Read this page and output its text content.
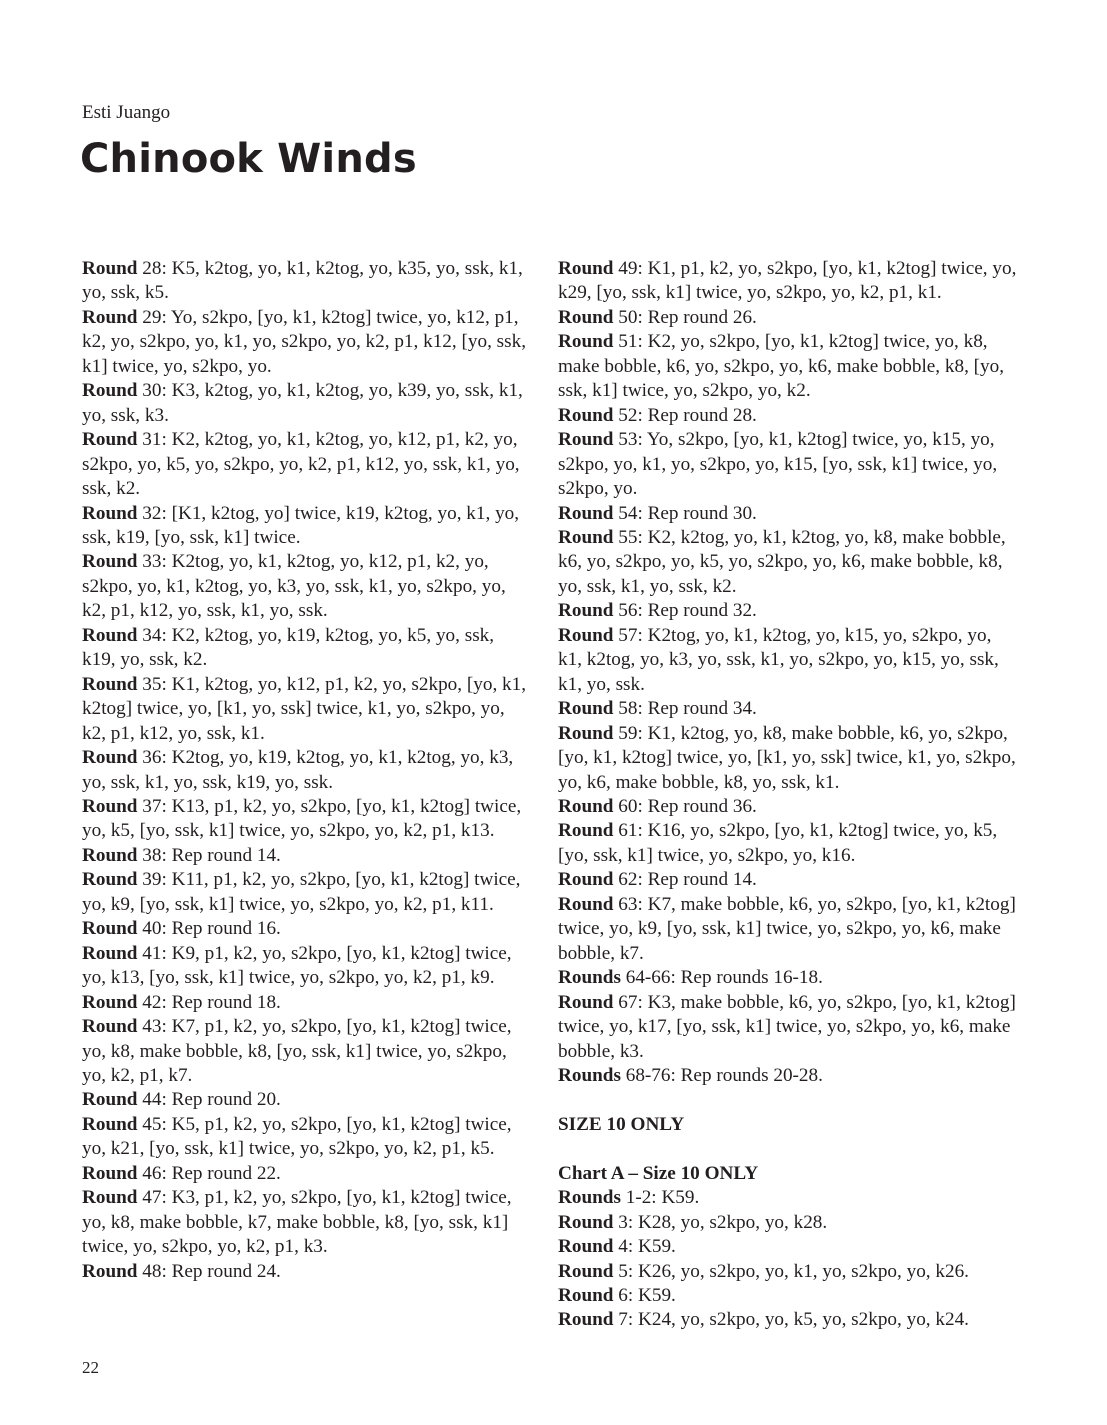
Esti Juango

Chinook Winds

Round 28: K5, k2tog, yo, k1, k2tog, yo, k35, yo, ssk, k1, yo, ssk, k5.

Round 29: Yo, s2kpo, [yo, k1, k2tog] twice, yo, k12, p1, k2, yo, s2kpo, yo, k1, yo, s2kpo, yo, k2, p1, k12, [yo, ssk, k1] twice, yo, s2kpo, yo.

Round 30: K3, k2tog, yo, k1, k2tog, yo, k39, yo, ssk, k1, yo, ssk, k3.

Round 31: K2, k2tog, yo, k1, k2tog, yo, k12, p1, k2, yo, s2kpo, yo, k5, yo, s2kpo, yo, k2, p1, k12, yo, ssk, k1, yo, ssk, k2.

Round 32: [K1, k2tog, yo] twice, k19, k2tog, yo, k1, yo, ssk, k19, [yo, ssk, k1] twice.

Round 33: K2tog, yo, k1, k2tog, yo, k12, p1, k2, yo, s2kpo, yo, k1, k2tog, yo, k3, yo, ssk, k1, yo, s2kpo, yo, k2, p1, k12, yo, ssk, k1, yo, ssk.

Round 34: K2, k2tog, yo, k19, k2tog, yo, k5, yo, ssk, k19, yo, ssk, k2.

Round 35: K1, k2tog, yo, k12, p1, k2, yo, s2kpo, [yo, k1, k2tog] twice, yo, [k1, yo, ssk] twice, k1, yo, s2kpo, yo, k2, p1, k12, yo, ssk, k1.

Round 36: K2tog, yo, k19, k2tog, yo, k1, k2tog, yo, k3, yo, ssk, k1, yo, ssk, k19, yo, ssk.

Round 37: K13, p1, k2, yo, s2kpo, [yo, k1, k2tog] twice, yo, k5, [yo, ssk, k1] twice, yo, s2kpo, yo, k2, p1, k13.

Round 38: Rep round 14.

Round 39: K11, p1, k2, yo, s2kpo, [yo, k1, k2tog] twice, yo, k9, [yo, ssk, k1] twice, yo, s2kpo, yo, k2, p1, k11.

Round 40: Rep round 16.

Round 41: K9, p1, k2, yo, s2kpo, [yo, k1, k2tog] twice, yo, k13, [yo, ssk, k1] twice, yo, s2kpo, yo, k2, p1, k9.

Round 42: Rep round 18.

Round 43: K7, p1, k2, yo, s2kpo, [yo, k1, k2tog] twice, yo, k8, make bobble, k8, [yo, ssk, k1] twice, yo, s2kpo, yo, k2, p1, k7.

Round 44: Rep round 20.

Round 45: K5, p1, k2, yo, s2kpo, [yo, k1, k2tog] twice, yo, k21, [yo, ssk, k1] twice, yo, s2kpo, yo, k2, p1, k5.

Round 46: Rep round 22.

Round 47: K3, p1, k2, yo, s2kpo, [yo, k1, k2tog] twice, yo, k8, make bobble, k7, make bobble, k8, [yo, ssk, k1] twice, yo, s2kpo, yo, k2, p1, k3.

Round 48: Rep round 24.

Round 49: K1, p1, k2, yo, s2kpo, [yo, k1, k2tog] twice, yo, k29, [yo, ssk, k1] twice, yo, s2kpo, yo, k2, p1, k1.

Round 50: Rep round 26.

Round 51: K2, yo, s2kpo, [yo, k1, k2tog] twice, yo, k8, make bobble, k6, yo, s2kpo, yo, k6, make bobble, k8, [yo, ssk, k1] twice, yo, s2kpo, yo, k2.

Round 52: Rep round 28.

Round 53: Yo, s2kpo, [yo, k1, k2tog] twice, yo, k15, yo, s2kpo, yo, k1, yo, s2kpo, yo, k15, [yo, ssk, k1] twice, yo, s2kpo, yo.

Round 54: Rep round 30.

Round 55: K2, k2tog, yo, k1, k2tog, yo, k8, make bobble, k6, yo, s2kpo, yo, k5, yo, s2kpo, yo, k6, make bobble, k8, yo, ssk, k1, yo, ssk, k2.

Round 56: Rep round 32.

Round 57: K2tog, yo, k1, k2tog, yo, k15, yo, s2kpo, yo, k1, k2tog, yo, k3, yo, ssk, k1, yo, s2kpo, yo, k15, yo, ssk, k1, yo, ssk.

Round 58: Rep round 34.

Round 59: K1, k2tog, yo, k8, make bobble, k6, yo, s2kpo, [yo, k1, k2tog] twice, yo, [k1, yo, ssk] twice, k1, yo, s2kpo, yo, k6, make bobble, k8, yo, ssk, k1.

Round 60: Rep round 36.

Round 61: K16, yo, s2kpo, [yo, k1, k2tog] twice, yo, k5, [yo, ssk, k1] twice, yo, s2kpo, yo, k16.

Round 62: Rep round 14.

Round 63: K7, make bobble, k6, yo, s2kpo, [yo, k1, k2tog] twice, yo, k9, [yo, ssk, k1] twice, yo, s2kpo, yo, k6, make bobble, k7.

Rounds 64-66: Rep rounds 16-18.

Round 67: K3, make bobble, k6, yo, s2kpo, [yo, k1, k2tog] twice, yo, k17, [yo, ssk, k1] twice, yo, s2kpo, yo, k6, make bobble, k3.

Rounds 68-76: Rep rounds 20-28.

SIZE 10 ONLY

Chart A – Size 10 ONLY

Rounds 1-2: K59.

Round 3: K28, yo, s2kpo, yo, k28.

Round 4: K59.

Round 5: K26, yo, s2kpo, yo, k1, yo, s2kpo, yo, k26.

Round 6: K59.

Round 7: K24, yo, s2kpo, yo, k5, yo, s2kpo, yo, k24.

22
